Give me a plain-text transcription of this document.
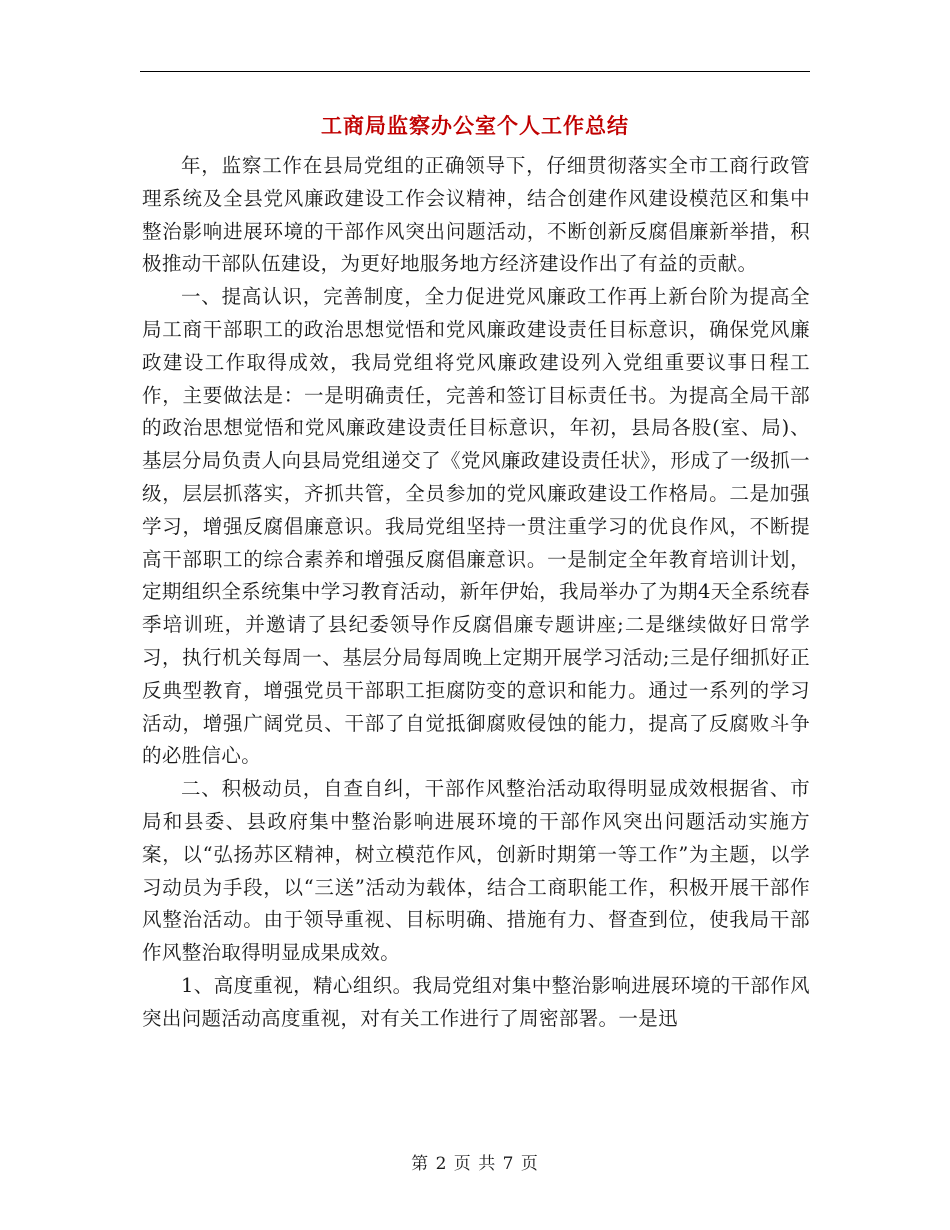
工商局监察办公室个人工作总结

年，监察工作在县局党组的正确领导下，仔细贯彻落实全市工商行政管理系统及全县党风廉政建设工作会议精神，结合创建作风建设模范区和集中整治影响进展环境的干部作风突出问题活动，不断创新反腐倡廉新举措，积极推动干部队伍建设，为更好地服务地方经济建设作出了有益的贡献。

一、提高认识，完善制度，全力促进党风廉政工作再上新台阶为提高全局工商干部职工的政治思想觉悟和党风廉政建设责任目标意识，确保党风廉政建设工作取得成效，我局党组将党风廉政建设列入党组重要议事日程工作，主要做法是：一是明确责任，完善和签订目标责任书。为提高全局干部的政治思想觉悟和党风廉政建设责任目标意识，年初，县局各股(室、局)、基层分局负责人向县局党组递交了《党风廉政建设责任状》，形成了一级抓一级，层层抓落实，齐抓共管，全员参加的党风廉政建设工作格局。二是加强学习，增强反腐倡廉意识。我局党组坚持一贯注重学习的优良作风，不断提高干部职工的综合素养和增强反腐倡廉意识。一是制定全年教育培训计划，定期组织全系统集中学习教育活动，新年伊始，我局举办了为期4天全系统春季培训班，并邀请了县纪委领导作反腐倡廉专题讲座;二是继续做好日常学习，执行机关每周一、基层分局每周晚上定期开展学习活动;三是仔细抓好正反典型教育，增强党员干部职工拒腐防变的意识和能力。通过一系列的学习活动，增强广阔党员、干部了自觉抵御腐败侵蚀的能力，提高了反腐败斗争的必胜信心。

二、积极动员，自查自纠，干部作风整治活动取得明显成效根据省、市局和县委、县政府集中整治影响进展环境的干部作风突出问题活动实施方案，以“弘扬苏区精神，树立模范作风，创新时期第一等工作”为主题，以学习动员为手段，以“三送”活动为载体，结合工商职能工作，积极开展干部作风整治活动。由于领导重视、目标明确、措施有力、督查到位，使我局干部作风整治取得明显成果成效。

1、高度重视，精心组织。我局党组对集中整治影响进展环境的干部作风突出问题活动高度重视，对有关工作进行了周密部署。一是迅

第 2 页 共 7 页
